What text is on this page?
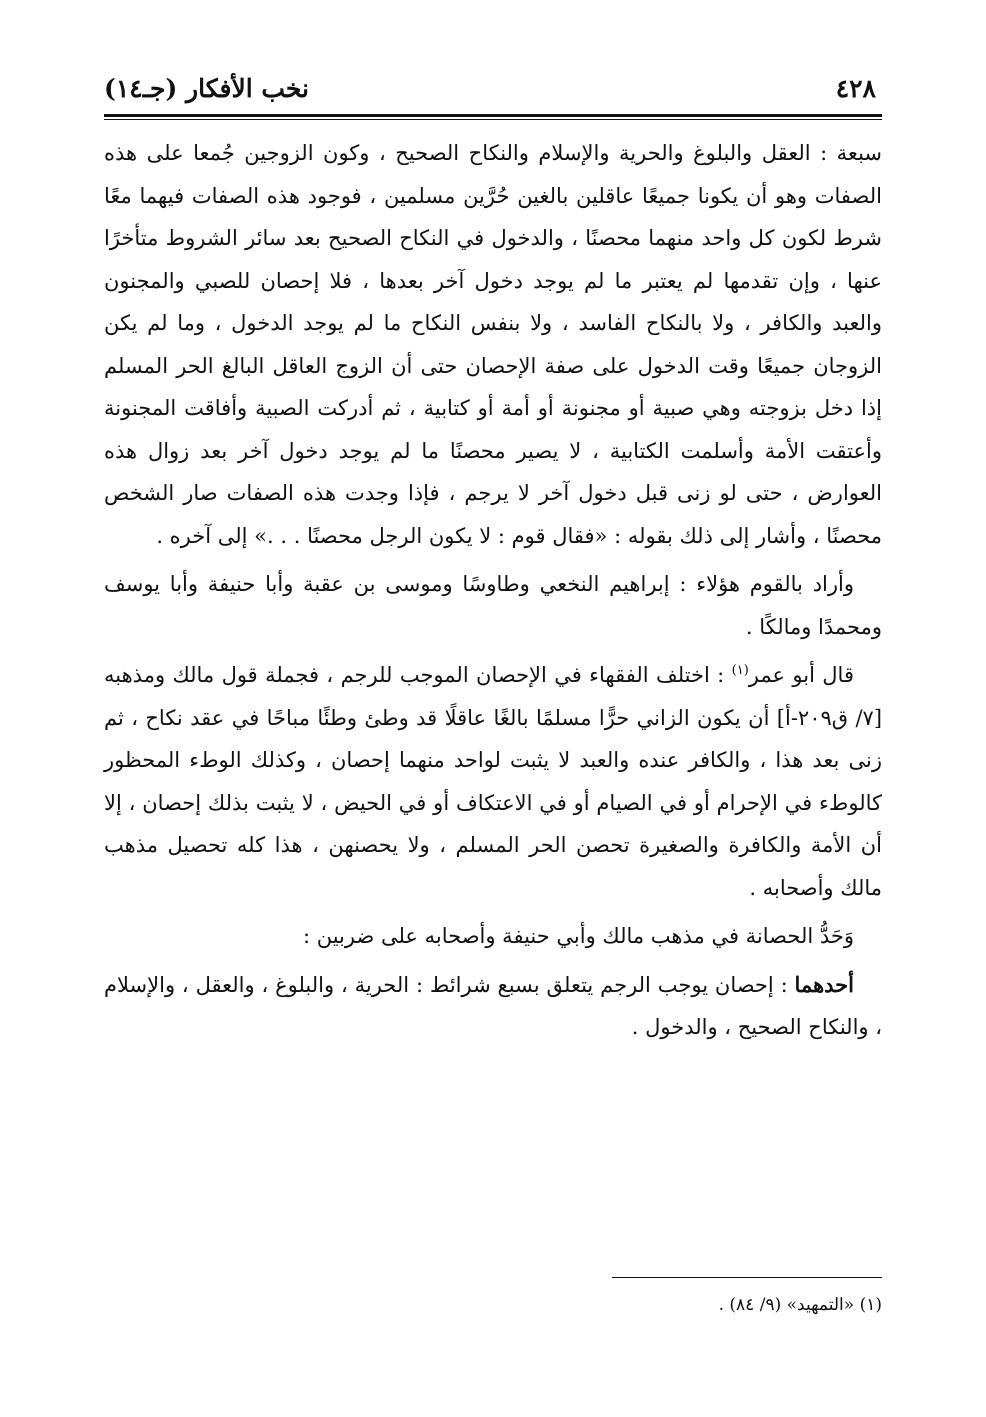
٤٢٨
نخب الأفكار (جـ١٤)

سبعة : العقل والبلوغ والحرية والإسلام والنكاح الصحيح ، وكون الزوجين جُمعا على هذه الصفات وهو أن يكونا جميعًا عاقلين بالغين حُرَّين مسلمين ، فوجود هذه الصفات فيهما معًا شرط لكون كل واحد منهما محصنًا ، والدخول في النكاح الصحيح بعد سائر الشروط متأخرًا عنها ، وإن تقدمها لم يعتبر ما لم يوجد دخول آخر بعدها ، فلا إحصان للصبي والمجنون والعبد والكافر ، ولا بالنكاح الفاسد ، ولا بنفس النكاح ما لم يوجد الدخول ، وما لم يكن الزوجان جميعًا وقت الدخول على صفة الإحصان حتى أن الزوج العاقل البالغ الحر المسلم إذا دخل بزوجته وهي صبية أو مجنونة أو أمة أو كتابية ، ثم أدركت الصبية وأفاقت المجنونة وأعتقت الأمة وأسلمت الكتابية ، لا يصير محصنًا ما لم يوجد دخول آخر بعد زوال هذه العوارض ، حتى لو زنى قبل دخول آخر لا يرجم ، فإذا وجدت هذه الصفات صار الشخص محصنًا ، وأشار إلى ذلك بقوله : «فقال قوم : لا يكون الرجل محصنًا . . .» إلى آخره .

وأراد بالقوم هؤلاء : إبراهيم النخعي وطاوسًا وموسى بن عقبة وأبا حنيفة وأبا يوسف ومحمدًا ومالكًا .

قال أبو عمر$^{(١)}$ : اختلف الفقهاء في الإحصان الموجب للرجم ، فجملة قول مالك ومذهبه [٧/ ق٢٠٩-أ] أن يكون الزاني حرًّا مسلمًا بالغًا عاقلًا قد وطئ وطئًا مباحًا في عقد نكاح ، ثم زنى بعد هذا ، والكافر عنده والعبد لا يثبت لواحد منهما إحصان ، وكذلك الوطء المحظور كالوطء في الإحرام أو في الصيام أو في الاعتكاف أو في الحيض ، لا يثبت بذلك إحصان ، إلا أن الأمة والكافرة والصغيرة تحصن الحر المسلم ، ولا يحصنهن ، هذا كله تحصيل مذهب مالك وأصحابه .

وَحَدُّ الحصانة في مذهب مالك وأبي حنيفة وأصحابه على ضربين :

أحدهما : إحصان يوجب الرجم يتعلق بسبع شرائط : الحرية ، والبلوغ ، والعقل ، والإسلام ، والنكاح الصحيح ، والدخول .

(١) «التمهيد» (٩/ ٨٤) .
